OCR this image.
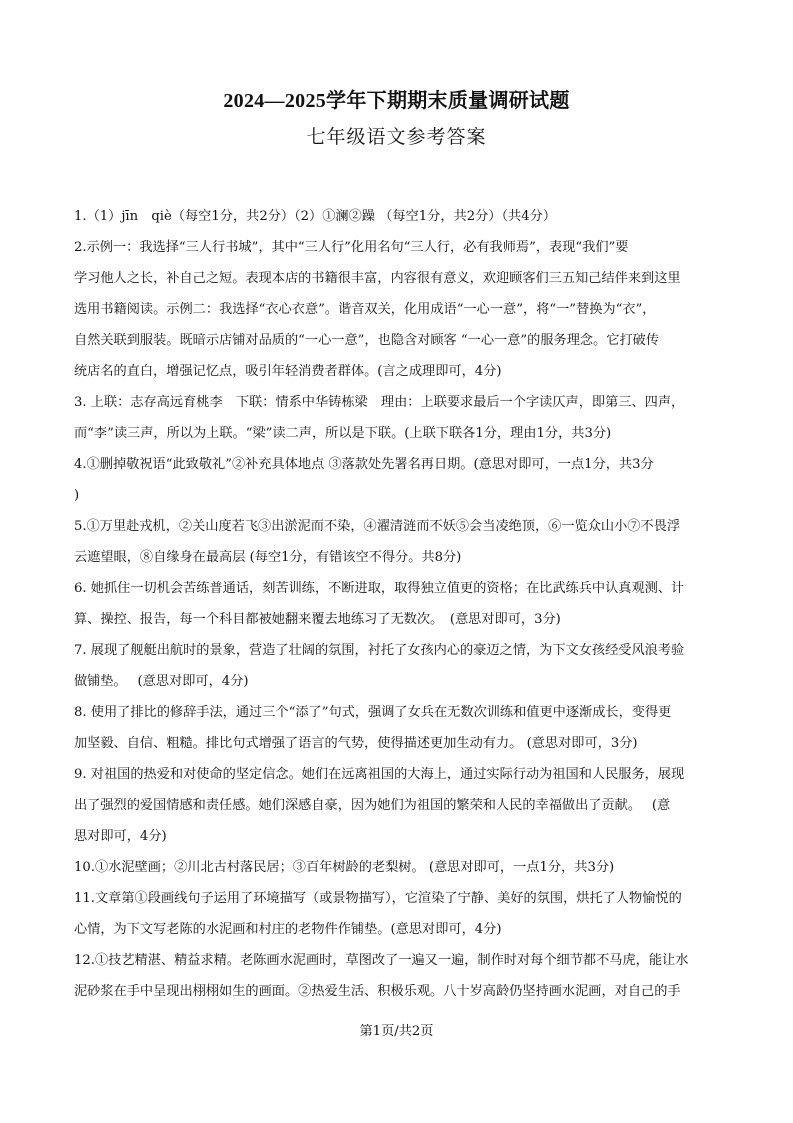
2024—2025学年下期期末质量调研试题
七年级语文参考答案
1.（1）jīn　qiè（每空1分，共2分）（2）①澜②躁 （每空1分，共2分）（共4分）
2.示例一：我选择“三人行书城”，其中“三人行”化用名句“三人行，必有我师焉”，表现“我们”要
学习他人之长，补自己之短。表现本店的书籍很丰富，内容很有意义，欢迎顾客们三五知己结伴来到这里
选用书籍阅读。示例二：我选择“衣心衣意”。谐音双关，化用成语“一心一意”，将“一”替换为“衣”，
自然关联到服装。既暗示店铺对品质的“一心一意”，也隐含对顾客 “一心一意”的服务理念。它打破传
统店名的直白，增强记忆点，吸引年轻消费者群体。(言之成理即可，4分)
3. 上联：志存高远育桃李　下联：情系中华铸栋梁　理由：上联要求最后一个字读仄声，即第三、四声，
而“李”读三声，所以为上联。“梁”读二声，所以是下联。(上联下联各1分，理由1分，共3分)
4.①删掉敬祝语“此致敬礼”②补充具体地点 ③落款处先署名再日期。(意思对即可，一点1分，共3分
)
5.①万里赴戎机，②关山度若飞③出淤泥而不染，④濯清涟而不妖⑤会当凌绝顶，⑥一览众山小⑦不畏浮
云遮望眼，⑧自缘身在最高层 (每空1分，有错该空不得分。共8分)
6. 她抓住一切机会苦练普通话，刻苦训练，不断进取，取得独立值更的资格；在比武练兵中认真观测、计
算、操控、报告，每一个科目都被她翻来覆去地练习了无数次。　(意思对即可，3分)
7. 展现了舰艇出航时的景象，营造了壮阔的氛围，衬托了女孩内心的豪迈之情，为下文女孩经受风浪考验
做铺垫。　 (意思对即可，4分)
8. 使用了排比的修辞手法，通过三个“添了”句式，强调了女兵在无数次训练和值更中逐渐成长，变得更
加坚毅、自信、粗糙。排比句式增强了语言的气势，使得描述更加生动有力。 (意思对即可，3分)
9. 对祖国的热爱和对使命的坚定信念。她们在远离祖国的大海上，通过实际行动为祖国和人民服务，展现
出了强烈的爱国情感和责任感。她们深感自豪，因为她们为祖国的繁荣和人民的幸福做出了贡献。　 (意
思对即可，4分)
10.①水泥壁画；②川北古村落民居；③百年树龄的老梨树。 (意思对即可，一点1分，共3分)
11.文章第①段画线句子运用了环境描写（或景物描写），它渲染了宁静、美好的氛围，烘托了人物愉悦的
心情，为下文写老陈的水泥画和村庄的老物件作铺垫。(意思对即可，4分)
12.①技艺精湛、精益求精。老陈画水泥画时，草图改了一遍又一遍，制作时对每个细节都不马虎，能让水
泥砂浆在手中呈现出栩栩如生的画面。②热爱生活、积极乐观。八十岁高龄仍坚持画水泥画，对自己的手
第1页/共2页
